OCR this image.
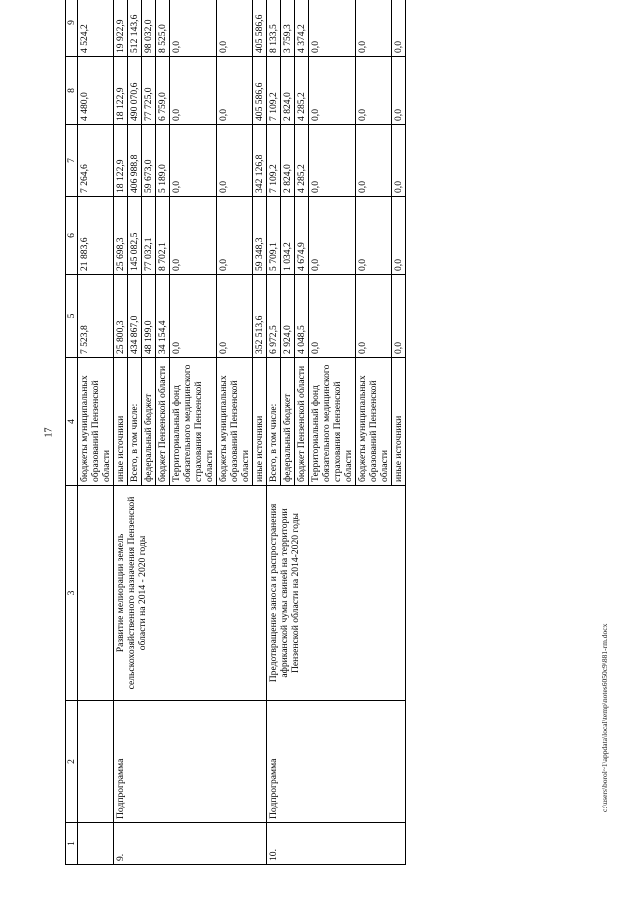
17
c:\users\borol~1\appdata\local\temp\notes6050c9\881-rm.docx
1	2	3	4	5	6	7	8	9
			бюджеты муниципальных образований Пензенской области	7 523,8	21 883,6	7 264,6	4 480,0	4 524,2
9.	Подпрограмма	Развитие мелиорации земель сельскохозяйственного назначения Пензенской области на 2014 - 2020 годы	иные источники	25 800,3	25 698,3	18 122,9	18 122,9	19 922,9
			Всего, в том числе:	434 867,0	145 082,5	406 988,8	490 070,6	512 143,6
			федеральный бюджет	48 199,0	77 032,1	59 673,0	77 725,0	98 032,0
			бюджет Пензенской области	34 154,4	8 702,1	5 189,0	6 759,0	8 525,0
			Территориальный фонд обязательного медицинского страхования Пензенской области	0,0	0,0	0,0	0,0	0,0
			бюджеты муниципальных образований Пензенской области	0,0	0,0	0,0	0,0	0,0
			иные источники	352 513,6	59 348,3	342 126,8	405 586,6	405 586,6
10.	Подпрограмма	Предотвращение заноса и распространения африканской чумы свиней на территории Пензенской области на 2014-2020 годы	Всего, в том числе:	6 972,5	5 709,1	7 109,2	7 109,2	8 133,5
			федеральный бюджет	2 924,0	1 034,2	2 824,0	2 824,0	3 759,3
			бюджет Пензенской области	4 048,5	4 674,9	4 285,2	4 285,2	4 374,2
			Территориальный фонд обязательного медицинского страхования Пензенской области	0,0	0,0	0,0	0,0	0,0
			бюджеты муниципальных образований Пензенской области	0,0	0,0	0,0	0,0	0,0
			иные источники	0,0	0,0	0,0	0,0	0,0
